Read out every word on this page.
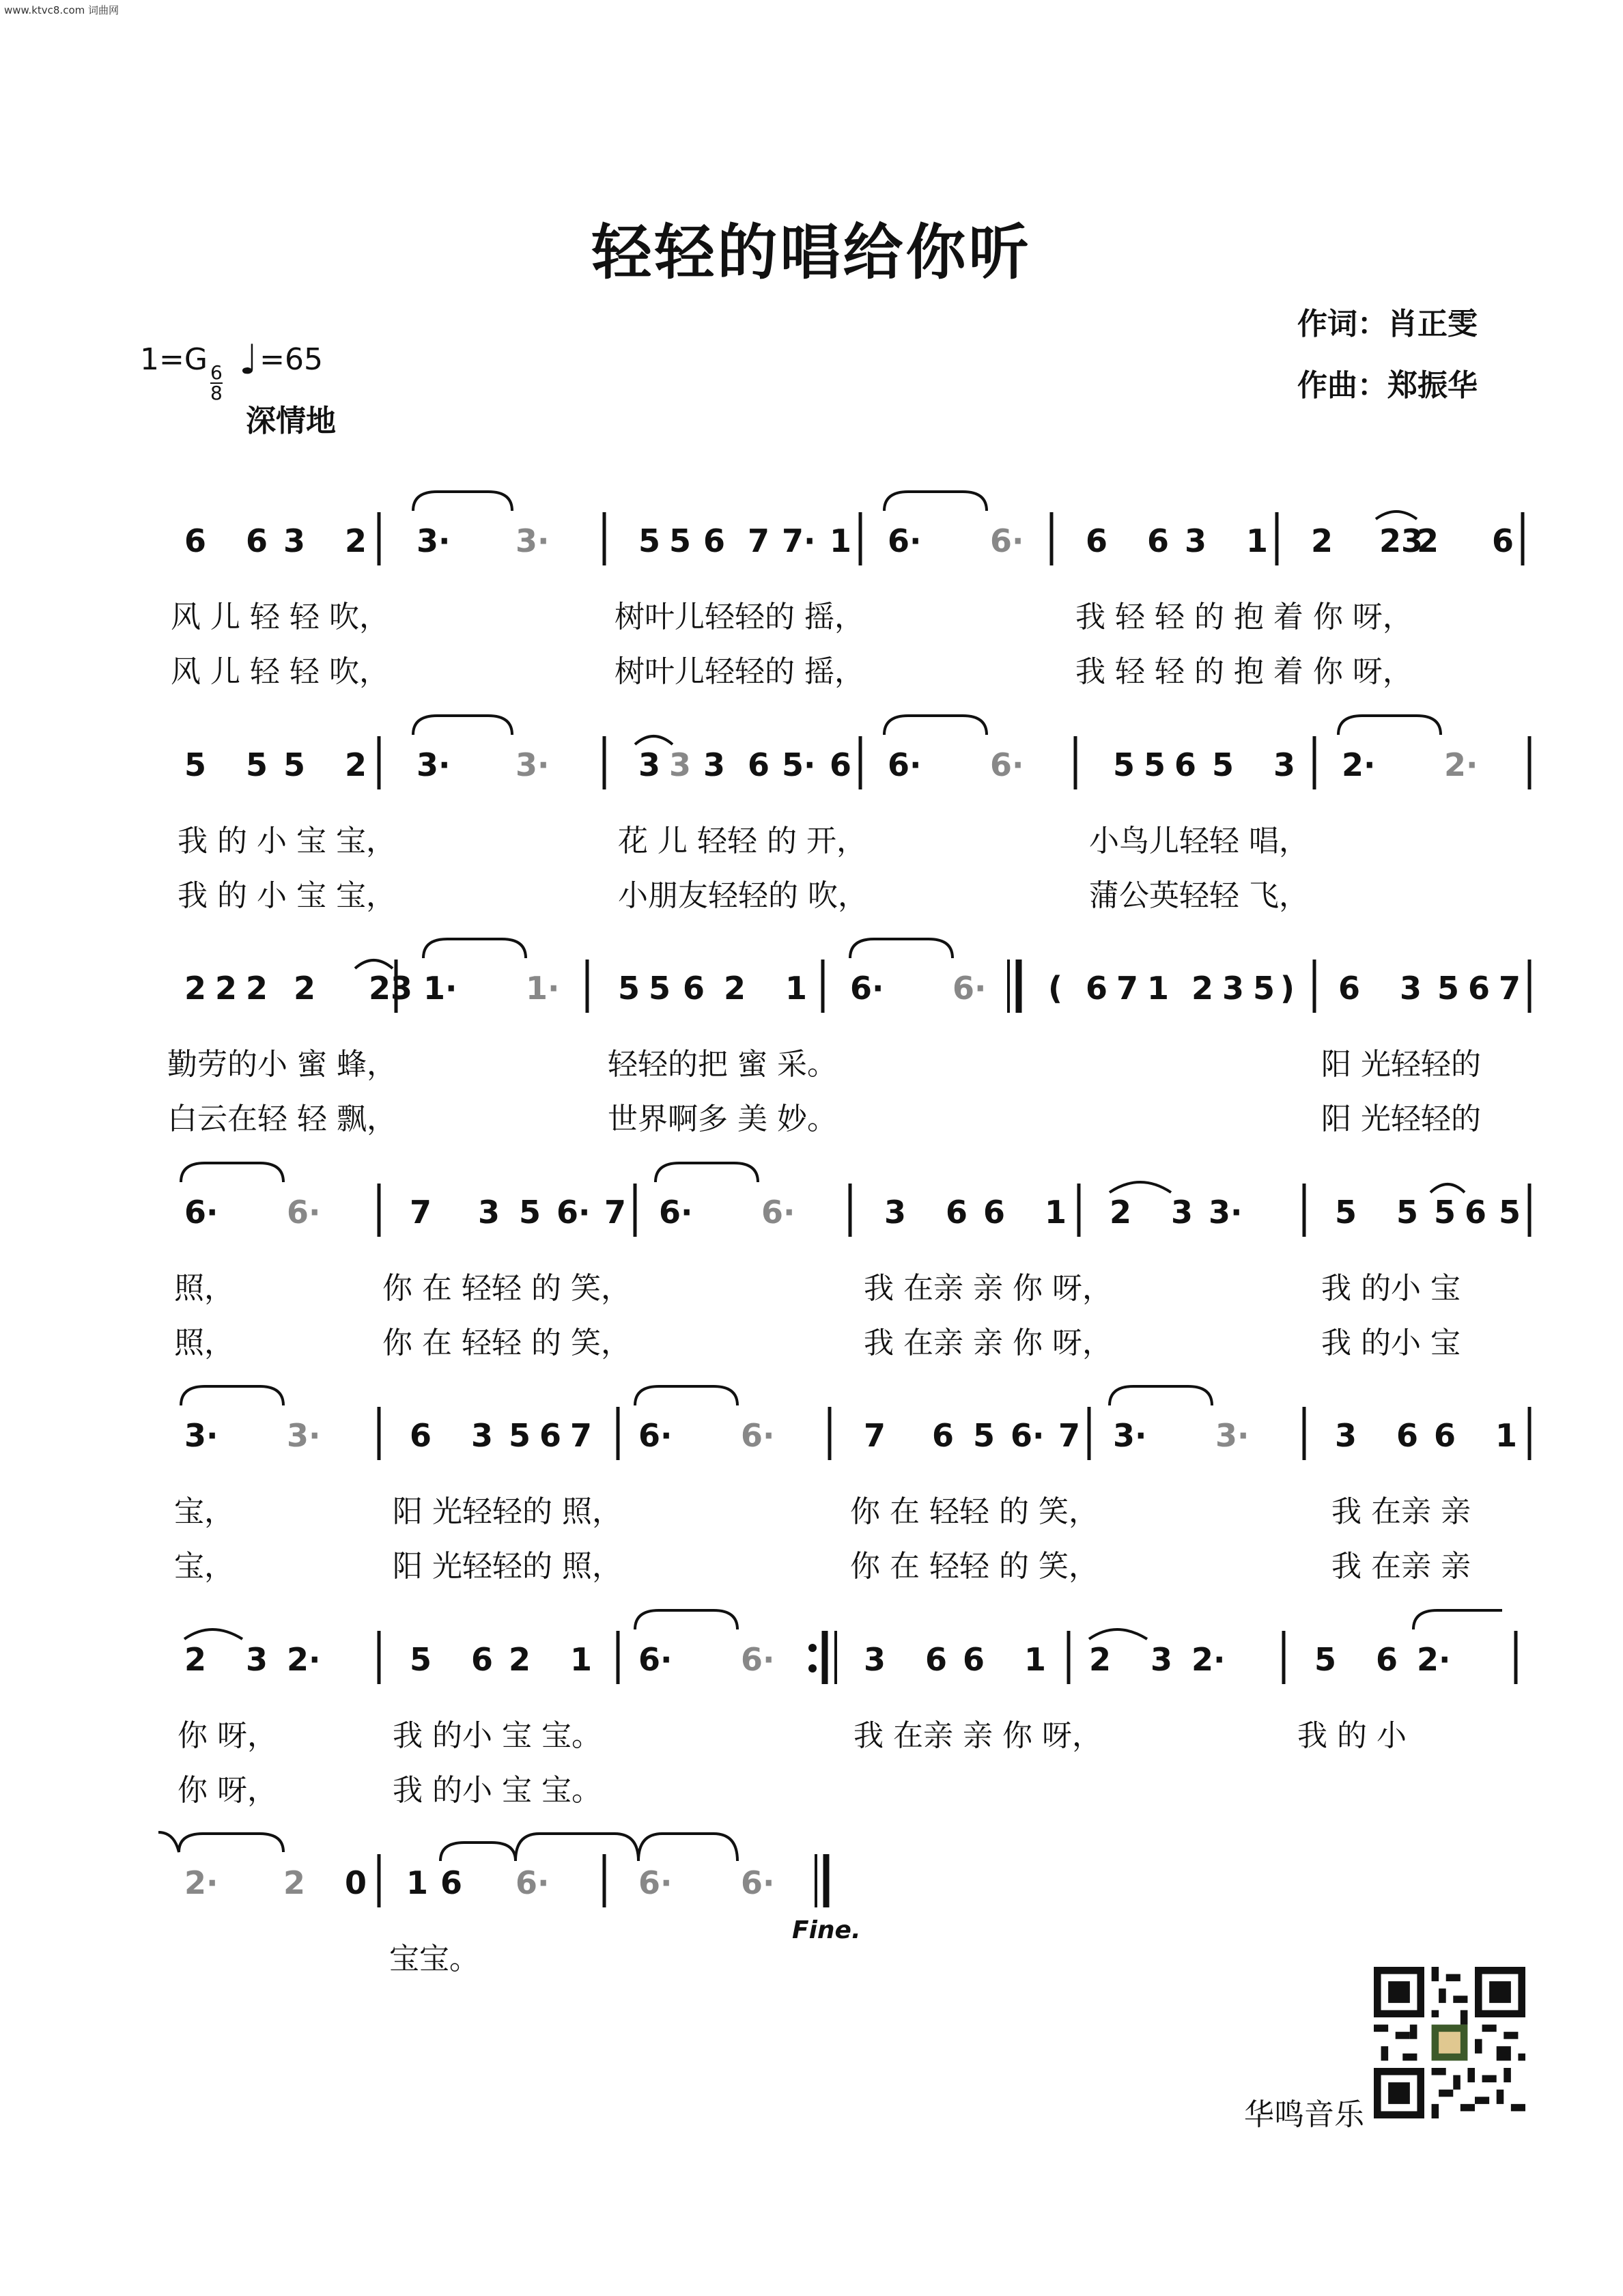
www.ktvc8.com 词曲网
轻轻的唱给你听
1=G
$\frac{6}{8}$ ♩=65
深情地
作词：肖正雯
作曲：郑振华
6 6 3 2 3· 3·	5 5 6 7 7· 1 6· 6· 6 6 3 1 2 23
2 6
5 5 5 2 3· 3·	3 3 3 6 5· 6 6· 6·	5 5 6 5 3 2· 2·
2 2 2 2 23 1· 1· 5 5 6 2 1 6· 6· ( 6 7 1 2 3 5 ) 6 3 5 6 7
6· 6·	7 3 5 6· 7 6· 6·	3 6 6 1 2 3 3·	5 5 5 6 5
3· 3·	6 3 5 6 7 6· 6·	7 6 5 6· 7 3· 3·	3 6 6 1
2 3 2·	5 6 2 1 6· 6·	3 6 6 1 2 3 2·	5 6 2·
2· 2 0 1 6 6·	6· 6·
风 儿 轻 轻 吹，	树叶儿轻轻的 摇，	我 轻 轻 的 抱 着 你 呀，
风 儿 轻 轻 吹，	树叶儿轻轻的 摇，	我 轻 轻 的 抱 着 你 呀，
我 的 小 宝 宝，	花 儿 轻轻 的 开，	小鸟儿轻轻 唱，
我 的 小 宝 宝，	小朋友轻轻的 吹，	蒲公英轻轻 飞，
勤劳的小 蜜 蜂，	轻轻的把 蜜 采。	阳 光轻轻的
白云在轻 轻 飘，	世界啊多 美 妙。	阳 光轻轻的
照，	你 在 轻轻 的 笑，	我 在亲 亲 你 呀，	我 的小 宝
照，	你 在 轻轻 的 笑，	我 在亲 亲 你 呀，	我 的小 宝
宝，	阳 光轻轻的 照，	你 在 轻轻 的 笑，	我 在亲 亲
宝，	阳 光轻轻的 照，	你 在 轻轻 的 笑，	我 在亲 亲
你 呀，	我 的小 宝 宝。	我 在亲 亲 你 呀，	我 的 小
你 呀，	我 的小 宝 宝。
宝宝。
Fine.
华鸣音乐
